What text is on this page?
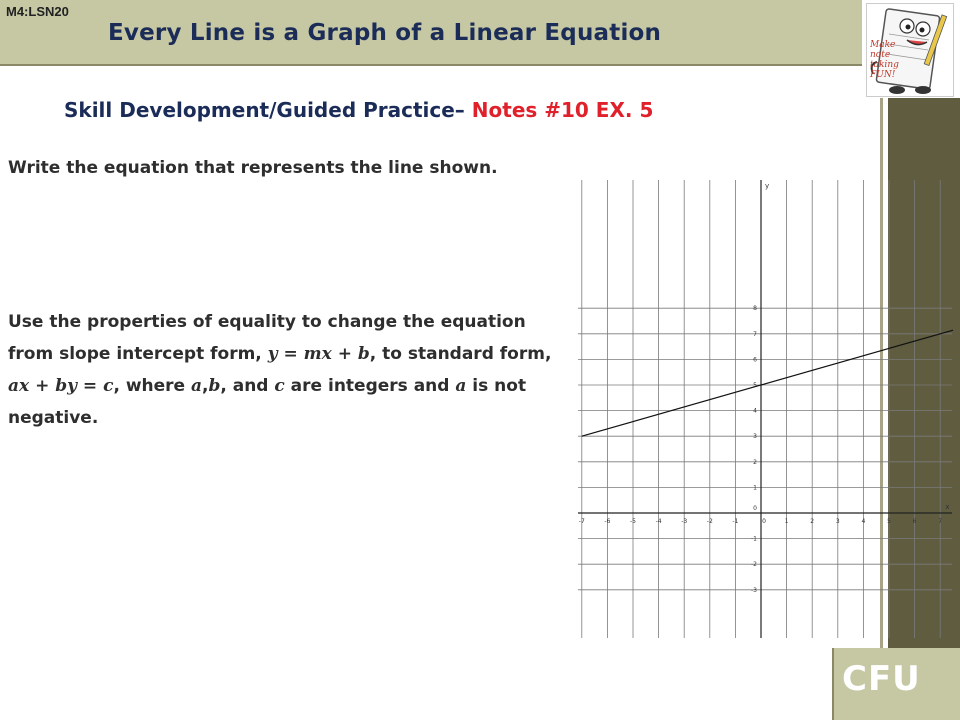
M4:LSN20
Every Line is a Graph of a Linear Equation	Make
note taking
FUN!
Skill Development/Guided Practice– Notes #10 EX. 5
Write the equation that represents the line shown.
Use the properties of equality to change the equation from slope intercept form, y = mx + b, to standard form, ax + by = c, where a,b, and c are integers and a is not negative.
-7	-6	-5	-4	-3	-2	-1	0	1	2	3	4	5	6	7
8
7
6
5
4
3
2
1
-1
-2
-3
0	x
y
CFU
